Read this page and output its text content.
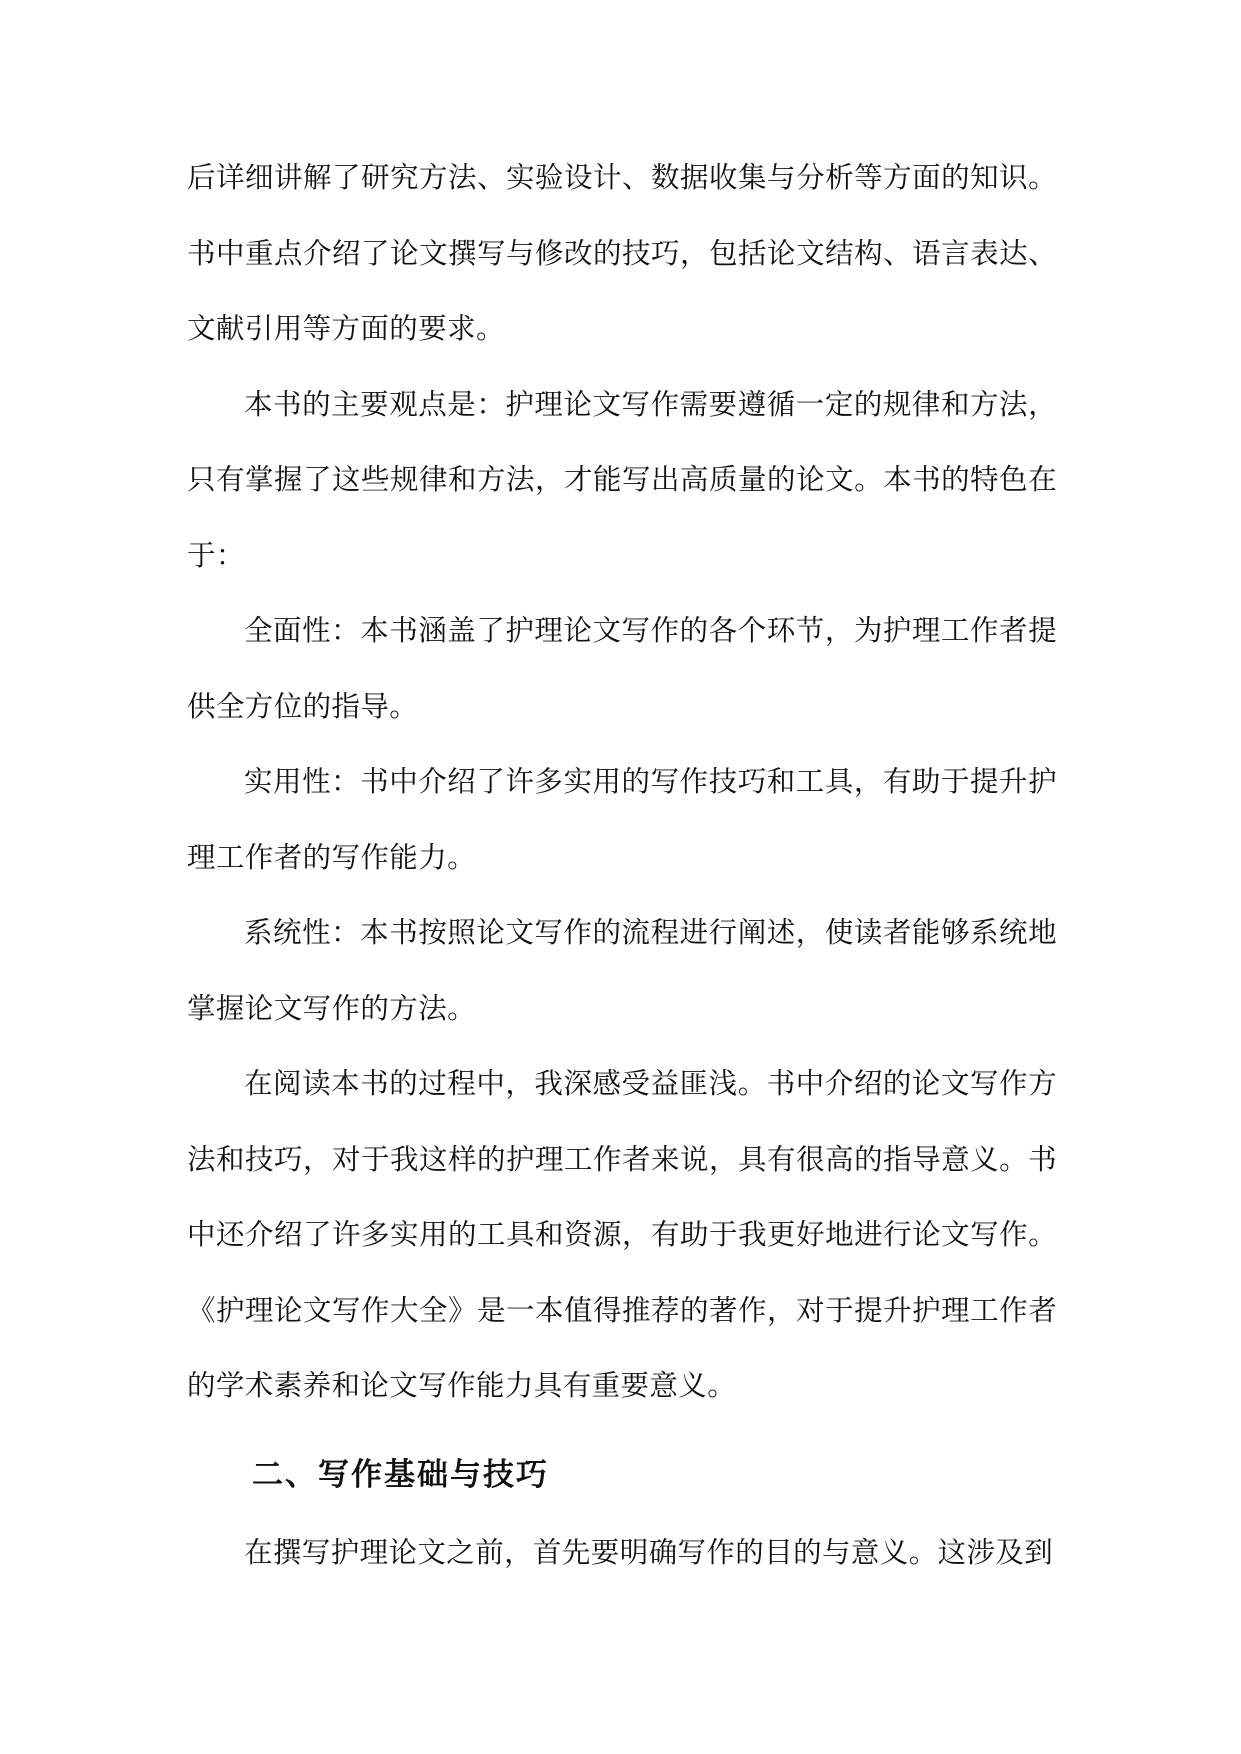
后详细讲解了研究方法、实验设计、数据收集与分析等方面的知识。书中重点介绍了论文撰写与修改的技巧，包括论文结构、语言表达、文献引用等方面的要求。

本书的主要观点是：护理论文写作需要遵循一定的规律和方法，只有掌握了这些规律和方法，才能写出高质量的论文。本书的特色在于：

全面性：本书涵盖了护理论文写作的各个环节，为护理工作者提供全方位的指导。

实用性：书中介绍了许多实用的写作技巧和工具，有助于提升护理工作者的写作能力。

系统性：本书按照论文写作的流程进行阐述，使读者能够系统地掌握论文写作的方法。

在阅读本书的过程中，我深感受益匪浅。书中介绍的论文写作方法和技巧，对于我这样的护理工作者来说，具有很高的指导意义。书中还介绍了许多实用的工具和资源，有助于我更好地进行论文写作。《护理论文写作大全》是一本值得推荐的著作，对于提升护理工作者的学术素养和论文写作能力具有重要意义。

二、写作基础与技巧

在撰写护理论文之前，首先要明确写作的目的与意义。这涉及到
